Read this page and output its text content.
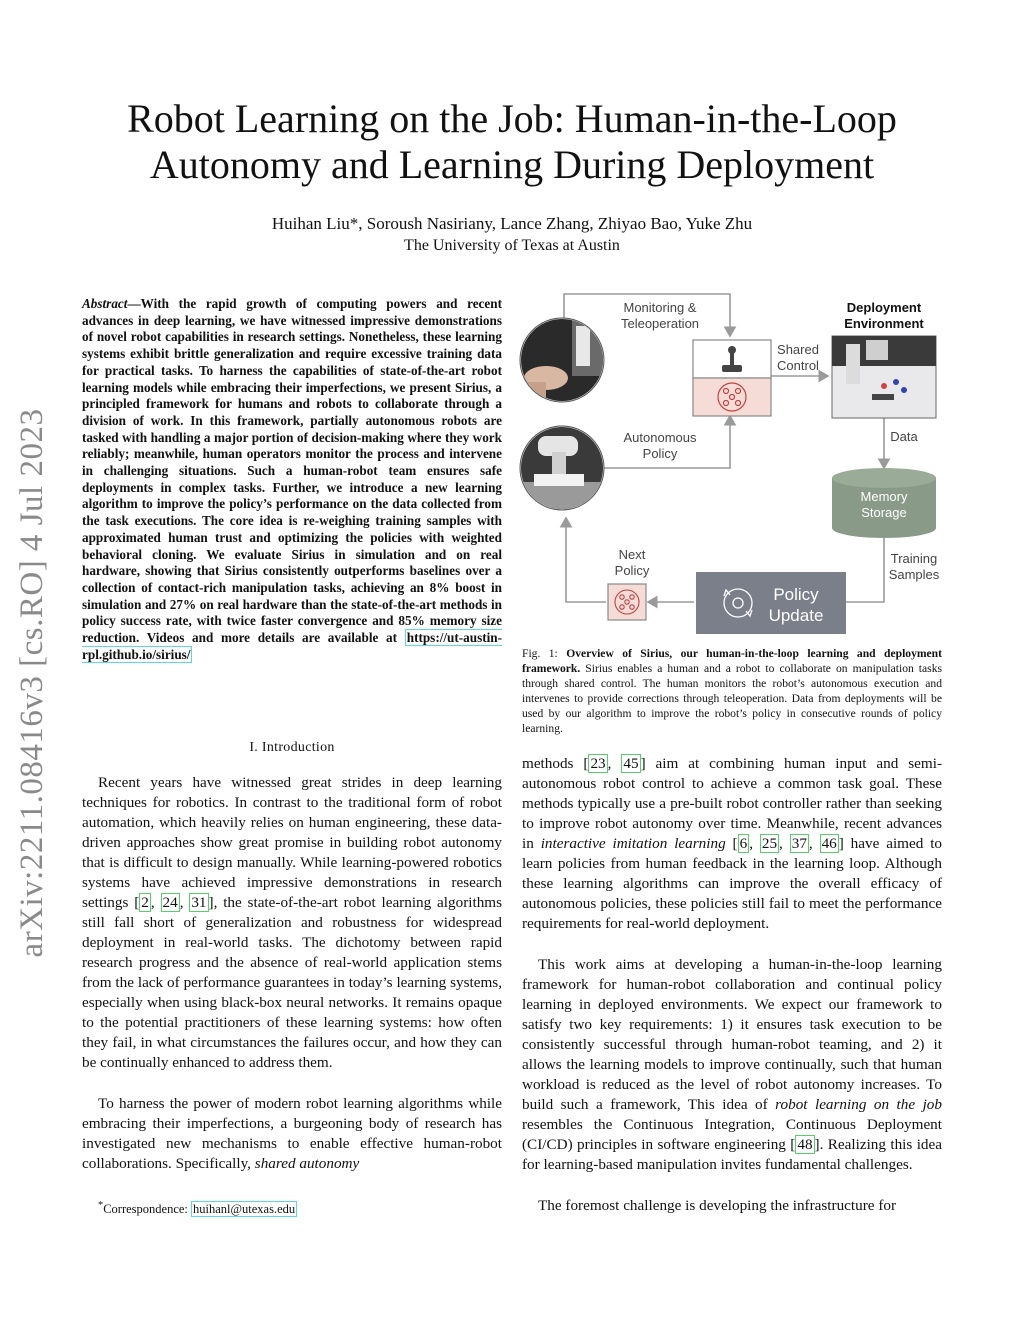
arXiv:2211.08416v3 [cs.RO] 4 Jul 2023
Robot Learning on the Job: Human-in-the-Loop
Autonomy and Learning During Deployment
Huihan Liu*, Soroush Nasiriany, Lance Zhang, Zhiyao Bao, Yuke Zhu
The University of Texas at Austin
Abstract—With the rapid growth of computing powers and recent advances in deep learning, we have witnessed impressive demonstrations of novel robot capabilities in research settings. Nonetheless, these learning systems exhibit brittle generalization and require excessive training data for practical tasks. To harness the capabilities of state-of-the-art robot learning models while embracing their imperfections, we present Sirius, a principled framework for humans and robots to collaborate through a division of work. In this framework, partially autonomous robots are tasked with handling a major portion of decision-making where they work reliably; meanwhile, human operators monitor the process and intervene in challenging situations. Such a human-robot team ensures safe deployments in complex tasks. Further, we introduce a new learning algorithm to improve the policy’s performance on the data collected from the task executions. The core idea is re-weighing training samples with approximated human trust and optimizing the policies with weighted behavioral cloning. We evaluate Sirius in simulation and on real hardware, showing that Sirius consistently outperforms baselines over a collection of contact-rich manipulation tasks, achieving an 8% boost in simulation and 27% on real hardware than the state-of-the-art methods in policy success rate, with twice faster convergence and 85% memory size reduction. Videos and more details are available at https://ut-austin-rpl.github.io/sirius/
I. Introduction
Recent years have witnessed great strides in deep learning techniques for robotics. In contrast to the traditional form of robot automation, which heavily relies on human engineering, these data-driven approaches show great promise in building robot autonomy that is difficult to design manually. While learning-powered robotics systems have achieved impressive demonstrations in research settings [ 2 , 24 , 31 ], the state-of-the-art robot learning algorithms still fall short of generalization and robustness for widespread deployment in real-world tasks. The dichotomy between rapid research progress and the absence of real-world application stems from the lack of performance guarantees in today’s learning systems, especially when using black-box neural networks. It remains opaque to the potential practitioners of these learning systems: how often they fail, in what circumstances the failures occur, and how they can be continually enhanced to address them.
To harness the power of modern robot learning algorithms while embracing their imperfections, a burgeoning body of research has investigated new mechanisms to enable effective human-robot collaborations. Specifically, shared autonomy
*Correspondence: huihanl@utexas.edu
Monitoring &
Teleoperation
Autonomous
Policy
Shared
Control
Deployment
Environment
Data
Memory
Storage
Training
Samples
Next
Policy
Policy
Update
Fig. 1: Overview of Sirius, our human-in-the-loop learning and deployment framework. Sirius enables a human and a robot to collaborate on manipulation tasks through shared control. The human monitors the robot’s autonomous execution and intervenes to provide corrections through teleoperation. Data from deployments will be used by our algorithm to improve the robot’s policy in consecutive rounds of policy learning.
methods [ 23 , 45 ] aim at combining human input and semi-autonomous robot control to achieve a common task goal. These methods typically use a pre-built robot controller rather than seeking to improve robot autonomy over time. Meanwhile, recent advances in interactive imitation learning [ 6 , 25 , 37 , 46 ] have aimed to learn policies from human feedback in the learning loop. Although these learning algorithms can improve the overall efficacy of autonomous policies, these policies still fail to meet the performance requirements for real-world deployment.
This work aims at developing a human-in-the-loop learning framework for human-robot collaboration and continual policy learning in deployed environments. We expect our framework to satisfy two key requirements: 1) it ensures task execution to be consistently successful through human-robot teaming, and 2) it allows the learning models to improve continually, such that human workload is reduced as the level of robot autonomy increases. To build such a framework, This idea of robot learning on the job resembles the Continuous Integration, Continuous Deployment (CI/CD) principles in software engineering [ 48 ]. Realizing this idea for learning-based manipulation invites fundamental challenges.
The foremost challenge is developing the infrastructure for
